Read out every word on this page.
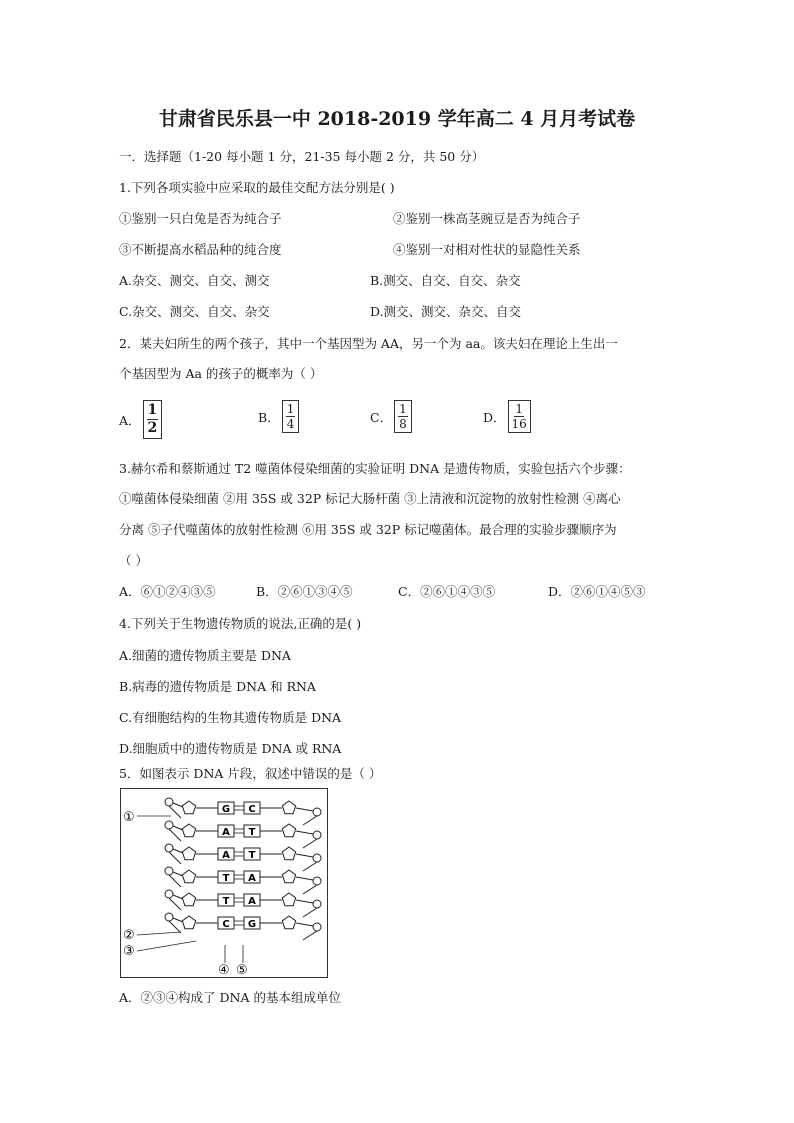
甘肃省民乐县一中 2018-2019 学年高二 4 月月考试卷
一．选择题（1-20 每小题 1 分，21-35 每小题 2 分，共 50 分）
1.下列各项实验中应采取的最佳交配方法分别是( )
①鉴别一只白兔是否为纯合子	②鉴别一株高茎豌豆是否为纯合子
③不断提高水稻品种的纯合度	④鉴别一对相对性状的显隐性关系
A.杂交、测交、自交、测交	B.测交、自交、自交、杂交
C.杂交、测交、自交、杂交	D.测交、测交、杂交、自交
2．某夫妇所生的两个孩子，其中一个基因型为 AA，另一个为 aa。该夫妇在理论上生出一
个基因型为 Aa 的孩子的概率为（ ）
A． $\frac{1}{2}$	B． $\frac{1}{4}$	C． $\frac{1}{8}$	D． $\frac{1}{16}$
3.赫尔希和蔡斯通过 T2 噬菌体侵染细菌的实验证明 DNA 是遗传物质，实验包括六个步骤：
①噬菌体侵染细菌 ②用 35S 或 32P 标记大肠杆菌 ③上清液和沉淀物的放射性检测 ④离心
分离 ⑤子代噬菌体的放射性检测 ⑥用 35S 或 32P 标记噬菌体。最合理的实验步骤顺序为
（ ）
A．⑥①②④③⑤	B．②⑥①③④⑤	C．②⑥①④③⑤	D．②⑥①④⑤③
4.下列关于生物遗传物质的说法,正确的是( )
A.细菌的遗传物质主要是 DNA
B.病毒的遗传物质是 DNA 和 RNA
C.有细胞结构的生物其遗传物质是 DNA
D.细胞质中的遗传物质是 DNA 或 RNA
5．如图表示 DNA 片段，叙述中错误的是（ ）
G C
A T
A T
T A
T A
C G
①
②
③
④ ⑤
A．②③④构成了 DNA 的基本组成单位
